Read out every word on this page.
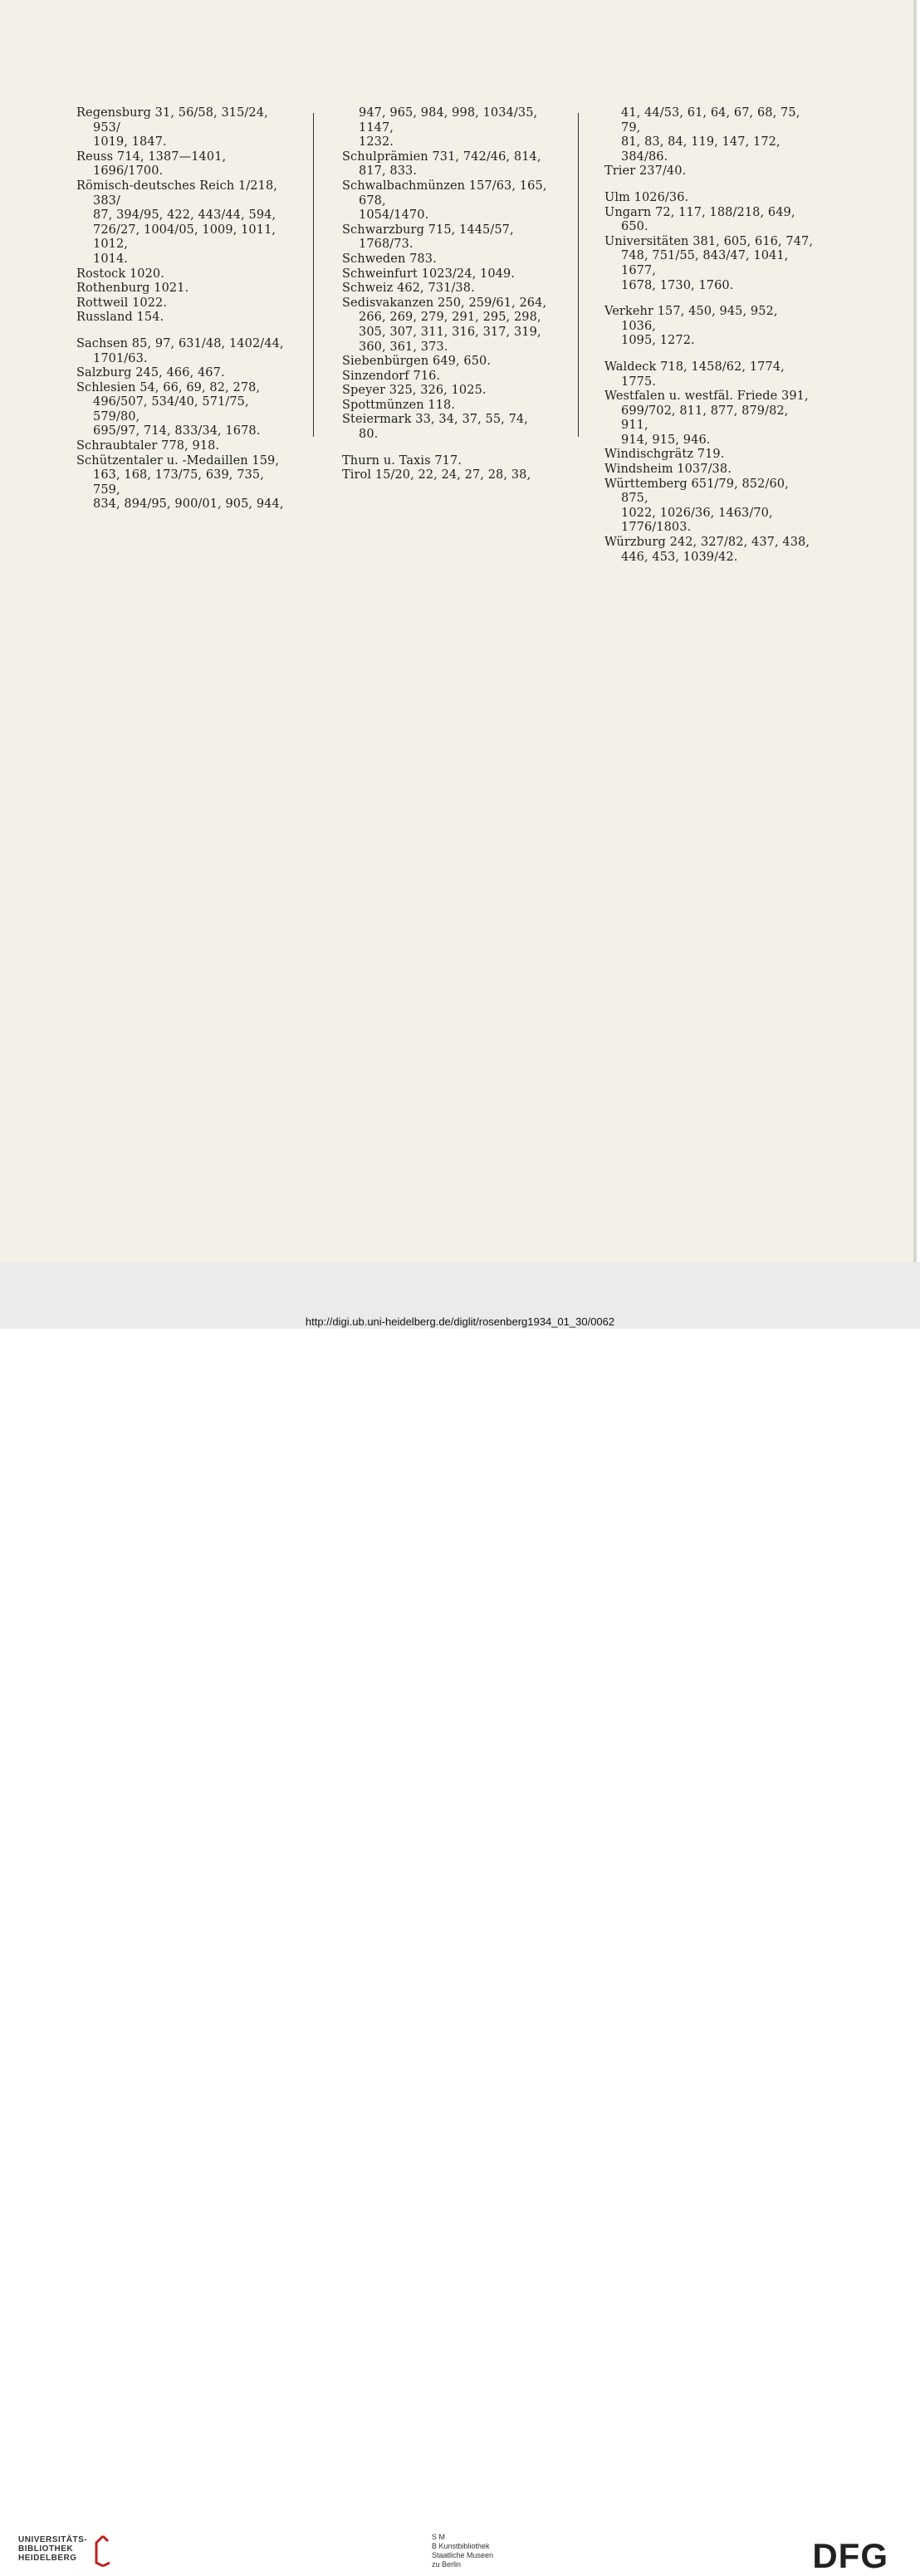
Regensburg 31, 56/58, 315/24, 953/
1019, 1847.
Reuss 714, 1387—1401, 1696/1700.
Römisch-deutsches Reich 1/218, 383/
87, 394/95, 422, 443/44, 594,
726/27, 1004/05, 1009, 1011, 1012,
1014.
Rostock 1020.
Rothenburg 1021.
Rottweil 1022.
Russland 154.
Sachsen 85, 97, 631/48, 1402/44,
1701/63.
Salzburg 245, 466, 467.
Schlesien 54, 66, 69, 82, 278,
496/507, 534/40, 571/75, 579/80,
695/97, 714, 833/34, 1678.
Schraubtaler 778, 918.
Schützentaler u. -Medaillen 159,
163, 168, 173/75, 639, 735, 759,
834, 894/95, 900/01, 905, 944,
947, 965, 984, 998, 1034/35, 1147,
1232.
Schulprämien 731, 742/46, 814,
817, 833.
Schwalbachmünzen 157/63, 165, 678,
1054/1470.
Schwarzburg 715, 1445/57, 1768/73.
Schweden 783.
Schweinfurt 1023/24, 1049.
Schweiz 462, 731/38.
Sedisvakanzen 250, 259/61, 264,
266, 269, 279, 291, 295, 298,
305, 307, 311, 316, 317, 319,
360, 361, 373.
Siebenbürgen 649, 650.
Sinzendorf 716.
Speyer 325, 326, 1025.
Spottmünzen 118.
Steiermark 33, 34, 37, 55, 74, 80.
Thurn u. Taxis 717.
Tirol 15/20, 22, 24, 27, 28, 38,
41, 44/53, 61, 64, 67, 68, 75, 79,
81, 83, 84, 119, 147, 172, 384/86.
Trier 237/40.
Ulm 1026/36.
Ungarn 72, 117, 188/218, 649, 650.
Universitäten 381, 605, 616, 747,
748, 751/55, 843/47, 1041, 1677,
1678, 1730, 1760.
Verkehr 157, 450, 945, 952, 1036,
1095, 1272.
Waldeck 718, 1458/62, 1774, 1775.
Westfalen u. westfäl. Friede 391,
699/702, 811, 877, 879/82, 911,
914, 915, 946.
Windischgrätz 719.
Windsheim 1037/38.
Württemberg 651/79, 852/60, 875,
1022, 1026/36, 1463/70, 1776/1803.
Würzburg 242, 327/82, 437, 438,
446, 453, 1039/42.
UNIVERSITÄTS-
BIBLIOTHEK
HEIDELBERG
S M
B Kunstbibliothek
Staatliche Museen
zu Berlin	DFG
http://digi.ub.uni-heidelberg.de/diglit/rosenberg1934_01_30/0062
